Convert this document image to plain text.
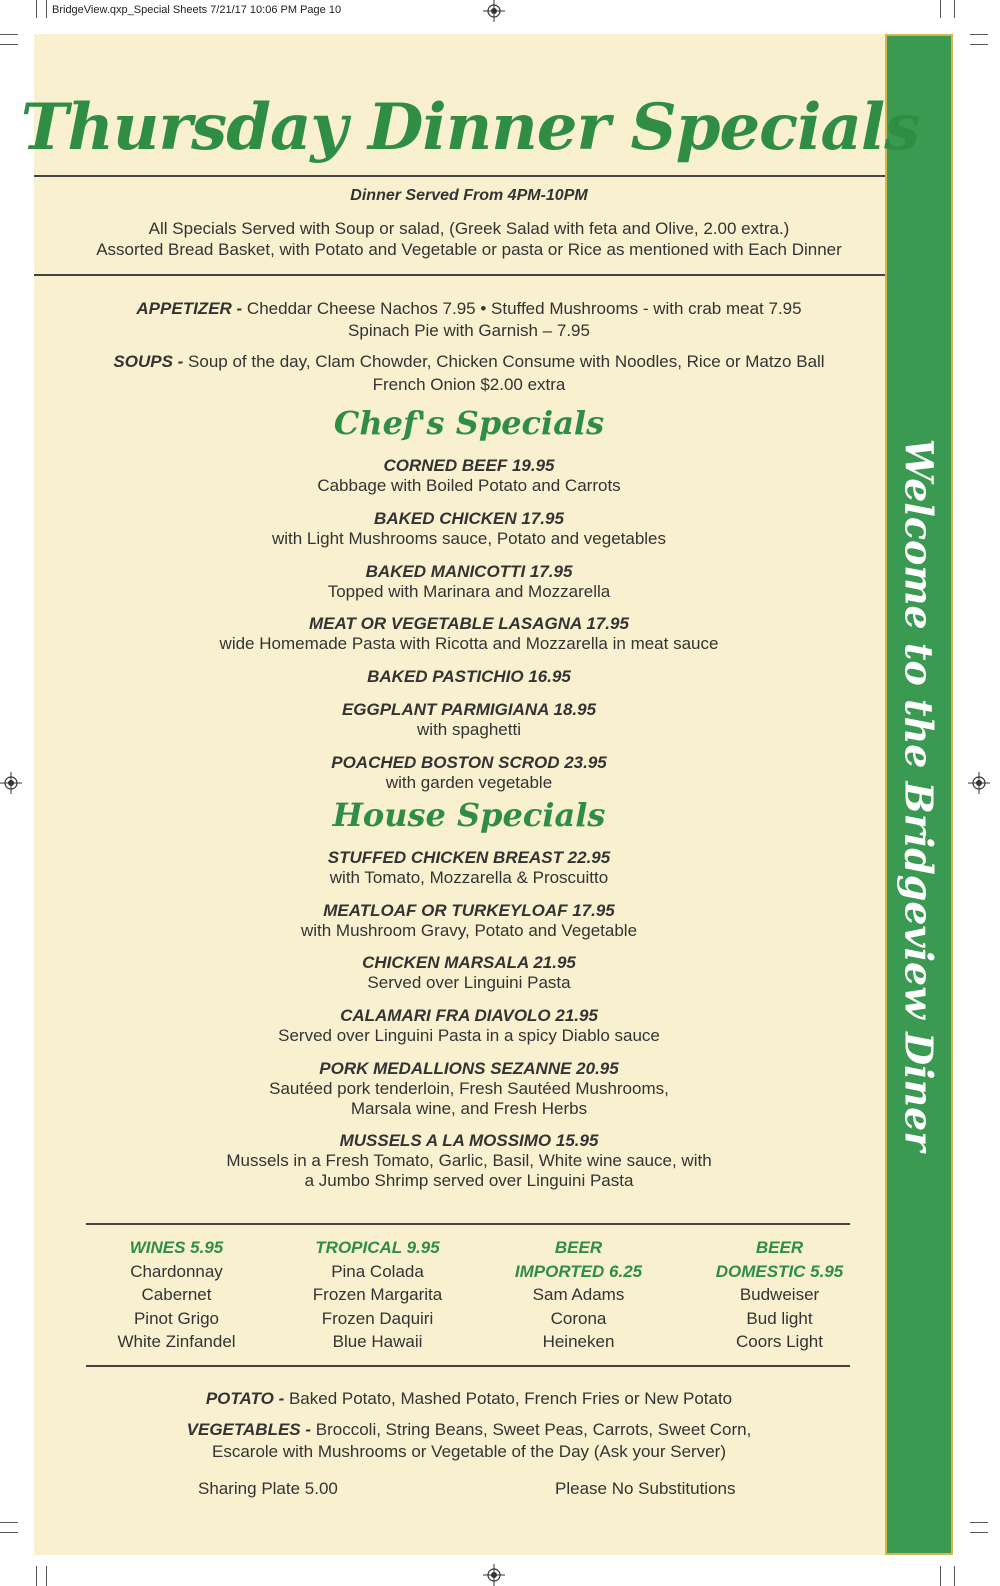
BridgeView.qxp_Special Sheets 7/21/17 10:06 PM Page 10
Welcome to the Bridgeview Diner
Thursday Dinner Specials
Dinner Served From 4PM-10PM
All Specials Served with Soup or salad, (Greek Salad with feta and Olive, 2.00 extra.)
Assorted Bread Basket, with Potato and Vegetable or pasta or Rice as mentioned with Each Dinner
APPETIZER - Cheddar Cheese Nachos 7.95 • Stuffed Mushrooms - with crab meat 7.95
Spinach Pie with Garnish – 7.95
SOUPS - Soup of the day, Clam Chowder, Chicken Consume with Noodles, Rice or Matzo Ball
French Onion $2.00 extra
Chef's Specials
CORNED BEEF 19.95
Cabbage with Boiled Potato and Carrots
BAKED CHICKEN 17.95
with Light Mushrooms sauce, Potato and vegetables
BAKED MANICOTTI 17.95
Topped with Marinara and Mozzarella
MEAT OR VEGETABLE LASAGNA 17.95
wide Homemade Pasta with Ricotta and Mozzarella in meat sauce
BAKED PASTICHIO 16.95
EGGPLANT PARMIGIANA 18.95
with spaghetti
POACHED BOSTON SCROD 23.95
with garden vegetable
House Specials
STUFFED CHICKEN BREAST 22.95
with Tomato, Mozzarella & Proscuitto
MEATLOAF OR TURKEYLOAF 17.95
with Mushroom Gravy, Potato and Vegetable
CHICKEN MARSALA 21.95
Served over Linguini Pasta
CALAMARI FRA DIAVOLO 21.95
Served over Linguini Pasta in a spicy Diablo sauce
PORK MEDALLIONS SEZANNE 20.95
Sautéed pork tenderloin, Fresh Sautéed Mushrooms,
Marsala wine, and Fresh Herbs
MUSSELS A LA MOSSIMO 15.95
Mussels in a Fresh Tomato, Garlic, Basil, White wine sauce, with
a Jumbo Shrimp served over Linguini Pasta
WINES 5.95
Chardonnay
Cabernet
Pinot Grigo
White Zinfandel
TROPICAL 9.95
Pina Colada
Frozen Margarita
Frozen Daquiri
Blue Hawaii
BEER
IMPORTED 6.25
Sam Adams
Corona
Heineken
BEER
DOMESTIC 5.95
Budweiser
Bud light
Coors Light
POTATO - Baked Potato, Mashed Potato, French Fries or New Potato
VEGETABLES - Broccoli, String Beans, Sweet Peas, Carrots, Sweet Corn,
Escarole with Mushrooms or Vegetable of the Day (Ask your Server)
Sharing Plate 5.00	Please No Substitutions
